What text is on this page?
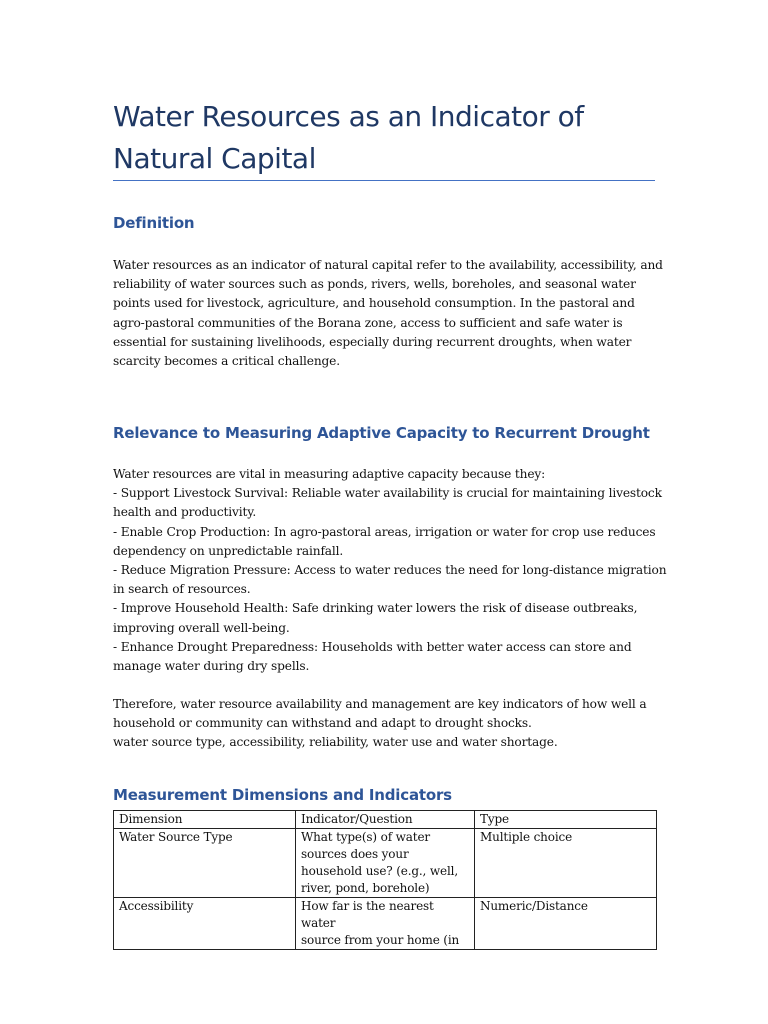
Water Resources as an Indicator of
Natural Capital
Definition
Water resources as an indicator of natural capital refer to the availability, accessibility, and
reliability of water sources such as ponds, rivers, wells, boreholes, and seasonal water
points used for livestock, agriculture, and household consumption. In the pastoral and
agro-pastoral communities of the Borana zone, access to sufficient and safe water is
essential for sustaining livelihoods, especially during recurrent droughts, when water
scarcity becomes a critical challenge.
Relevance to Measuring Adaptive Capacity to Recurrent Drought
Water resources are vital in measuring adaptive capacity because they:
- Support Livestock Survival: Reliable water availability is crucial for maintaining livestock
health and productivity.
- Enable Crop Production: In agro-pastoral areas, irrigation or water for crop use reduces
dependency on unpredictable rainfall.
- Reduce Migration Pressure: Access to water reduces the need for long-distance migration
in search of resources.
- Improve Household Health: Safe drinking water lowers the risk of disease outbreaks,
improving overall well-being.
- Enhance Drought Preparedness: Households with better water access can store and
manage water during dry spells.
Therefore, water resource availability and management are key indicators of how well a
household or community can withstand and adapt to drought shocks.
water source type, accessibility, reliability, water use and water shortage.
Measurement Dimensions and Indicators
Dimension	Indicator/Question	Type
Water Source Type	What type(s) of water
sources does your
household use? (e.g., well,
river, pond, borehole)	Multiple choice
Accessibility	How far is the nearest water
source from your home (in	Numeric/Distance
